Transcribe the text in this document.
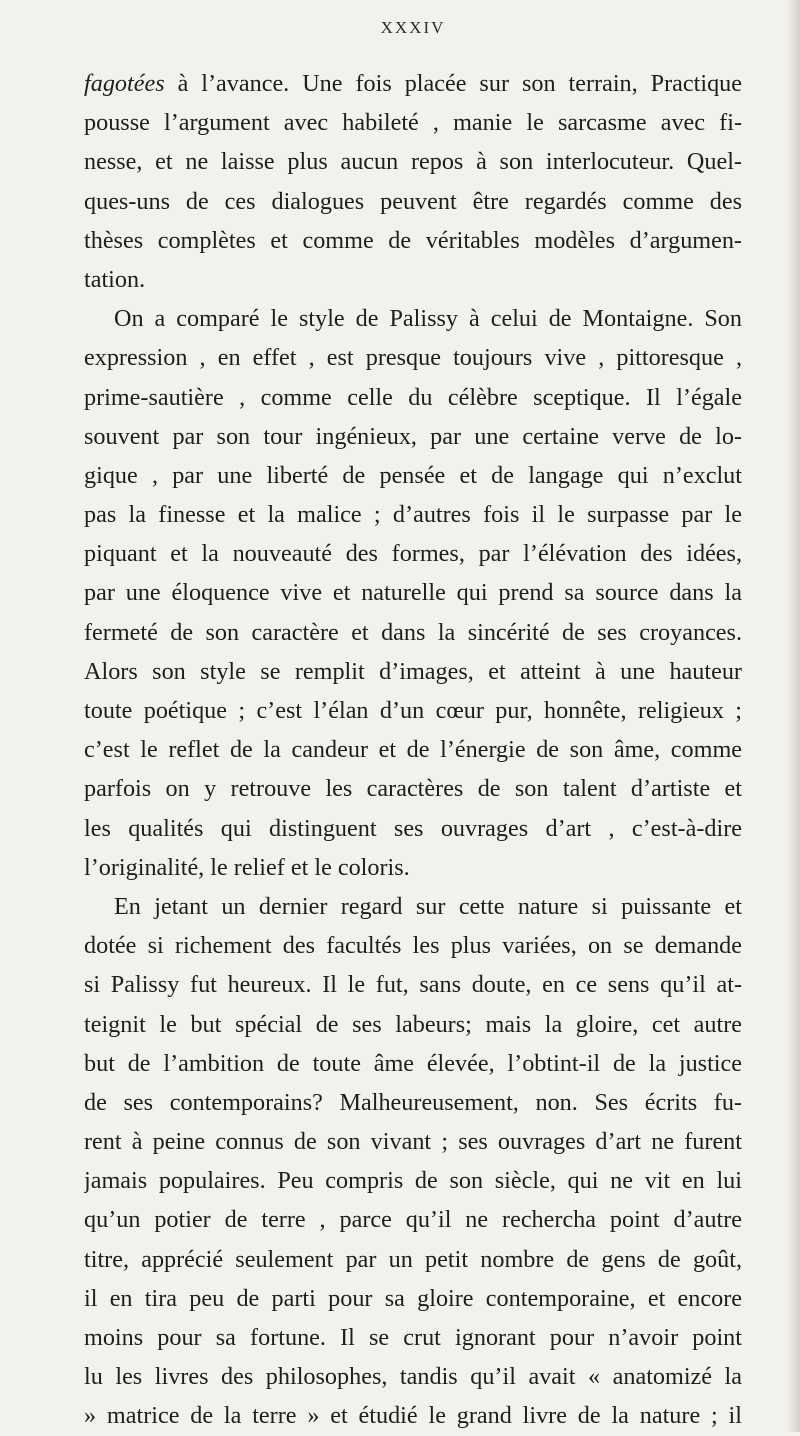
XXXIV
fagotées à l’avance. Une fois placée sur son terrain, Practique
pousse l’argument avec habileté , manie le sarcasme avec fi-
nesse, et ne laisse plus aucun repos à son interlocuteur. Quel-
ques-uns de ces dialogues peuvent être regardés comme des
thèses complètes et comme de véritables modèles d’argumen-
tation.
On a comparé le style de Palissy à celui de Montaigne. Son
expression , en effet , est presque toujours vive , pittoresque ,
prime-sautière , comme celle du célèbre sceptique. Il l’égale
souvent par son tour ingénieux, par une certaine verve de lo-
gique , par une liberté de pensée et de langage qui n’exclut
pas la finesse et la malice ; d’autres fois il le surpasse par le
piquant et la nouveauté des formes, par l’élévation des idées,
par une éloquence vive et naturelle qui prend sa source dans la
fermeté de son caractère et dans la sincérité de ses croyances.
Alors son style se remplit d’images, et atteint à une hauteur
toute poétique ; c’est l’élan d’un cœur pur, honnête, religieux ;
c’est le reflet de la candeur et de l’énergie de son âme, comme
parfois on y retrouve les caractères de son talent d’artiste et
les qualités qui distinguent ses ouvrages d’art , c’est-à-dire
l’originalité, le relief et le coloris.
En jetant un dernier regard sur cette nature si puissante et
dotée si richement des facultés les plus variées, on se demande
si Palissy fut heureux. Il le fut, sans doute, en ce sens qu’il at-
teignit le but spécial de ses labeurs; mais la gloire, cet autre
but de l’ambition de toute âme élevée, l’obtint-il de la justice
de ses contemporains? Malheureusement, non. Ses écrits fu-
rent à peine connus de son vivant ; ses ouvrages d’art ne furent
jamais populaires. Peu compris de son siècle, qui ne vit en lui
qu’un potier de terre , parce qu’il ne rechercha point d’autre
titre, apprécié seulement par un petit nombre de gens de goût,
il en tira peu de parti pour sa gloire contemporaine, et encore
moins pour sa fortune. Il se crut ignorant pour n’avoir point
lu les livres des philosophes, tandis qu’il avait « anatomizé la
» matrice de la terre » et étudié le grand livre de la nature ; il
